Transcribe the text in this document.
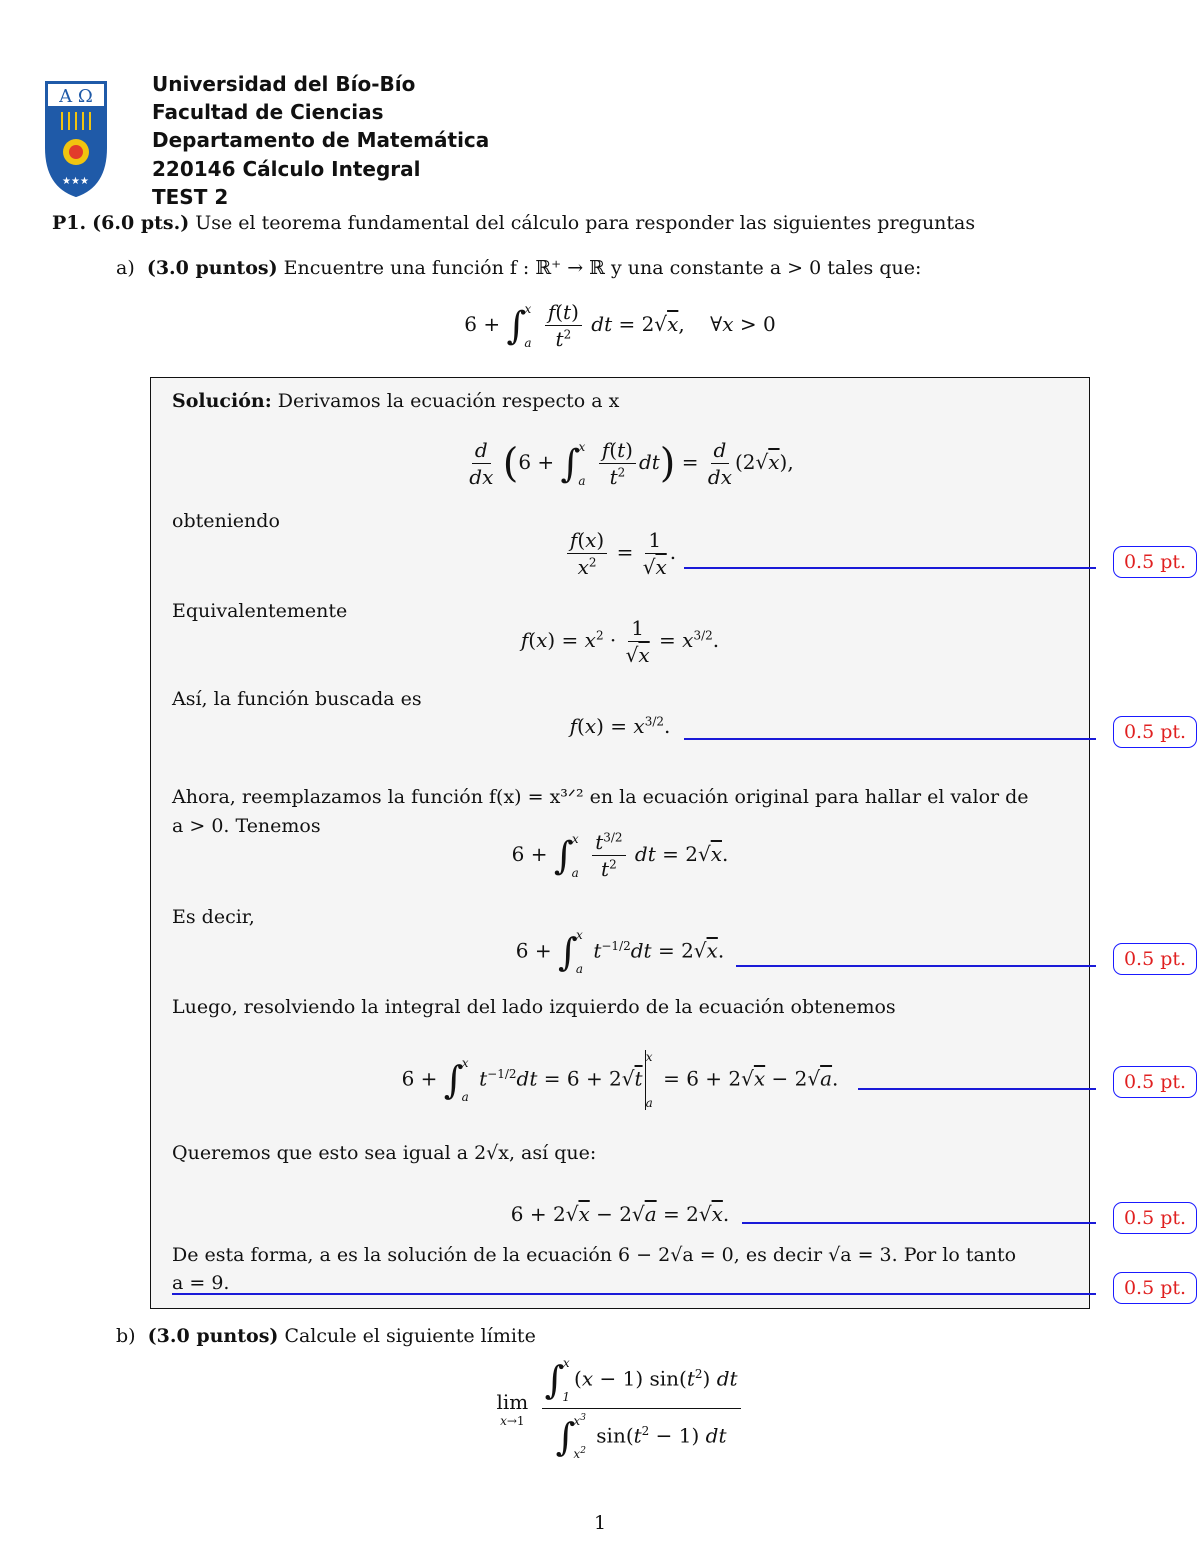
A Ω
★ ★ ★
Universidad del Bío-Bío
Facultad de Ciencias
Departamento de Matemática
220146 Cálculo Integral
TEST 2
P1. (6.0 pts.) Use el teorema fundamental del cálculo para responder las siguientes preguntas
a) (3.0 puntos) Encuentre una función f : ℝ⁺ → ℝ y una constante a > 0 tales que:
6 + ∫
x
a
$\frac{f(t)}{t^2}$ dt = 2√x,    ∀x > 0
Solución: Derivamos la ecuación respecto a x
$\frac{d}{dx} (6$ + ∫
x
a
$\frac{f(t)}{t^2} dt) = \frac{d}{dx} (2√x)$,
obteniendo
$\frac{f(x)}{x^2} = \frac{1}{√x}$ .
Equivalentemente
$f(x) = x^2 \cdot \frac{1}{√x} = x^{3/2}$.
Así, la función buscada es
$f(x) = x^{3/2}$.
Ahora, reemplazamos la función f(x) = x³ᐟ² en la ecuación original para hallar el valor de
a > 0. Tenemos
6 + ∫
x
a
$\frac{t^{3/2}}{t^2}$ dt = 2√x.
Es decir,
6 + ∫
x
a
$t^{-1/2}dt = 2√x$.
Luego, resolviendo la integral del lado izquierdo de la ecuación obtenemos
6 + ∫
x
a
$t^{-1/2}dt = 6 + 2√t$
x
a
= 6 + 2√x − 2√a.
Queremos que esto sea igual a 2√x, así que:
6 + 2√x − 2√a = 2√x.
De esta forma, a es la solución de la ecuación 6 − 2√a = 0, es decir √a = 3. Por lo tanto
a = 9.
0.5 pt.
0.5 pt.
0.5 pt.
0.5 pt.
0.5 pt.
0.5 pt.
b) (3.0 puntos) Calcule el siguiente límite
lim
x→1
∫
x
1
(x − 1) $\sin(t^2)$ dt
∫
$x^3$
$x^2$
$\sin(t^2 - 1)$ dt
1
